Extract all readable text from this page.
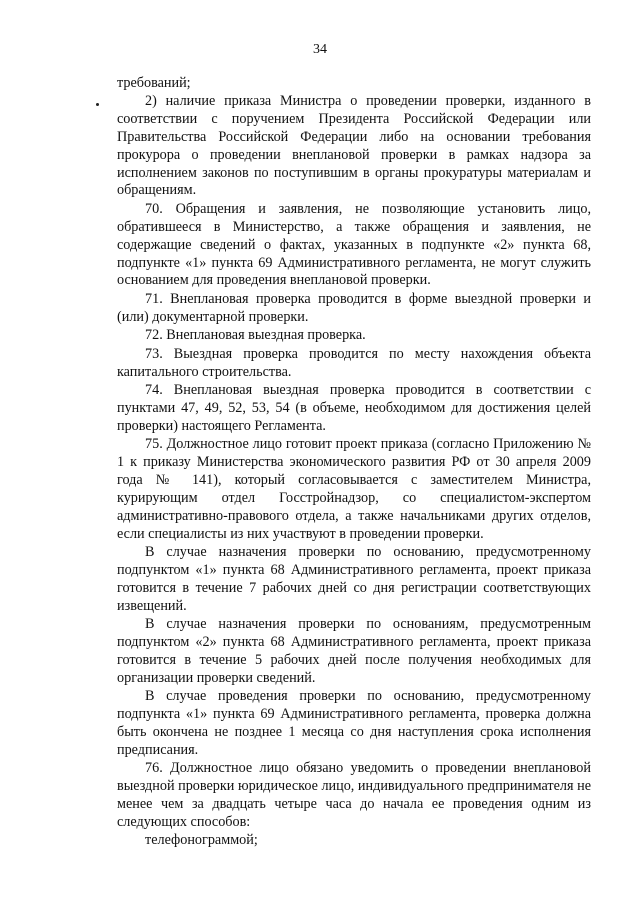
34

требований;

2) наличие приказа Министра о проведении проверки, изданного в соответствии с поручением Президента Российской Федерации или Правительства Российской Федерации либо на основании требования прокурора о проведении внеплановой проверки в рамках надзора за исполнением законов по поступившим в органы прокуратуры материалам и обращениям.

70. Обращения и заявления, не позволяющие установить лицо, обратившееся в Министерство, а также обращения и заявления, не содержащие сведений о фактах, указанных в подпункте «2» пункта 68, подпункте «1» пункта 69 Административного регламента, не могут служить основанием для проведения внеплановой проверки.

71. Внеплановая проверка проводится в форме выездной проверки и (или) документарной проверки.

72. Внеплановая выездная проверка.

73. Выездная проверка проводится по месту нахождения объекта капитального строительства.

74. Внеплановая выездная проверка проводится в соответствии с пунктами 47, 49, 52, 53, 54 (в объеме, необходимом для достижения целей проверки) настоящего Регламента.

75. Должностное лицо готовит проект приказа (согласно Приложению № 1 к приказу Министерства экономического развития РФ от 30 апреля 2009 года № 141), который согласовывается с заместителем Министра, курирующим отдел Госстройнадзор, со специалистом-экспертом административно-правового отдела, а также начальниками других отделов, если специалисты из них участвуют в проведении проверки.

В случае назначения проверки по основанию, предусмотренному подпунктом «1» пункта 68 Административного регламента, проект приказа готовится в течение 7 рабочих дней со дня регистрации соответствующих извещений.

В случае назначения проверки по основаниям, предусмотренным подпунктом «2» пункта 68 Административного регламента, проект приказа готовится в течение 5 рабочих дней после получения необходимых для организации проверки сведений.

В случае проведения проверки по основанию, предусмотренному подпункта «1» пункта 69 Административного регламента, проверка должна быть окончена не позднее 1 месяца со дня наступления срока исполнения предписания.

76. Должностное лицо обязано уведомить о проведении внеплановой выездной проверки юридическое лицо, индивидуального предпринимателя не менее чем за двадцать четыре часа до начала ее проведения одним из следующих способов:

телефонограммой;
